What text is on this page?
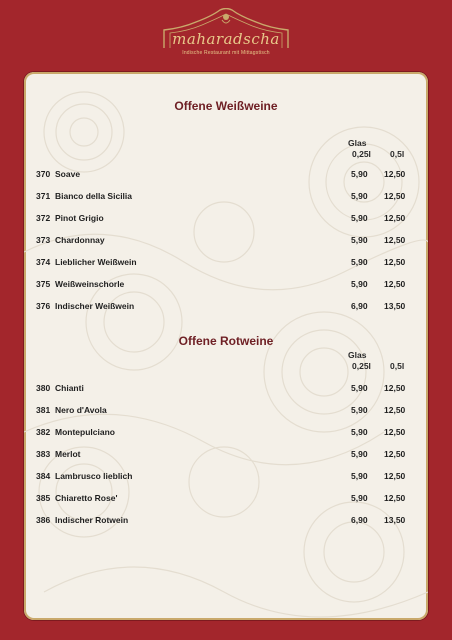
maharadscha
Indische Restaurant mit Mittagstisch
Offene Weißweine
Glas
0,25l 0,5l
370 Soave	5,90 12,50
371 Bianco della Sicilia	5,90 12,50
372 Pinot Grigio	5,90 12,50
373 Chardonnay	5,90 12,50
374 Lieblicher Weißwein	5,90 12,50
375 Weißweinschorle	5,90 12,50
376 Indischer Weißwein	6,90 13,50
Offene Rotweine
Glas
0,25l 0,5l
380 Chianti	5,90 12,50
381 Nero d'Avola	5,90 12,50
382 Montepulciano	5,90 12,50
383 Merlot	5,90 12,50
384 Lambrusco lieblich	5,90 12,50
385 Chiaretto Rose'	5,90 12,50
386 Indischer Rotwein	6,90 13,50
